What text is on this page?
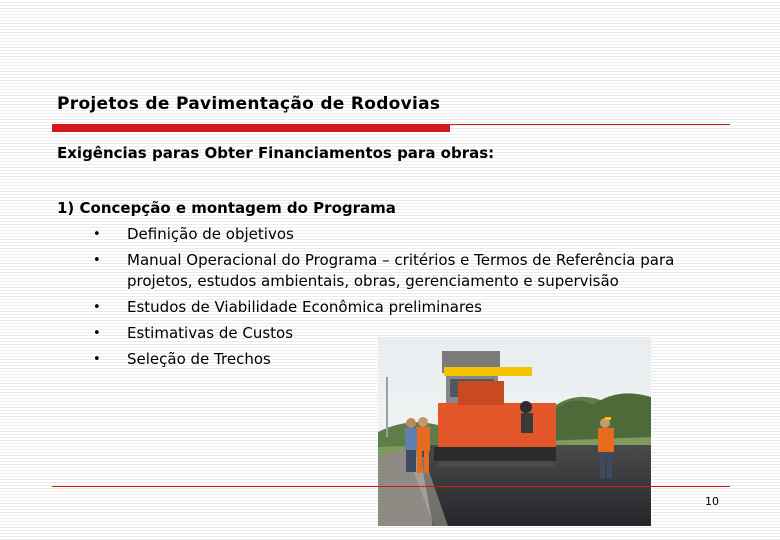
Projetos de Pavimentação de Rodovias
Exigências paras Obter Financiamentos para obras:
1) Concepção e montagem do Programa
•	Definição de objetivos
•	Manual Operacional do Programa – critérios e Termos de Referência para projetos, estudos ambientais, obras, gerenciamento e supervisão
•	Estudos de Viabilidade Econômica preliminares
•	Estimativas de Custos
•	Seleção de Trechos
10
